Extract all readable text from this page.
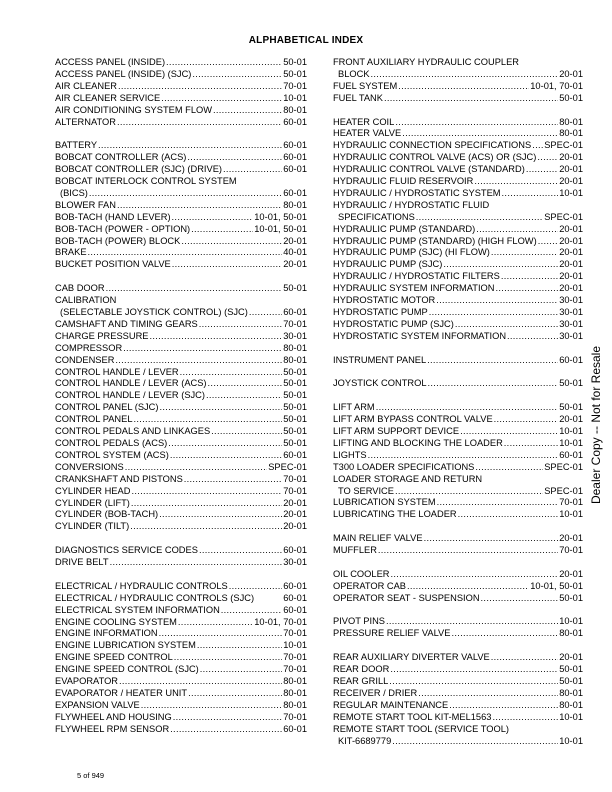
ALPHABETICAL INDEX
ACCESS PANEL (INSIDE) .....	50-01
ACCESS PANEL (INSIDE) (SJC) .....	50-01
AIR CLEANER .....	70-01
AIR CLEANER SERVICE .....	10-01
AIR CONDITIONING SYSTEM FLOW .....	80-01
ALTERNATOR .....	60-01
BATTERY .....	60-01
BOBCAT CONTROLLER (ACS) .....	60-01
BOBCAT CONTROLLER (SJC) (DRIVE) .....	60-01
BOBCAT INTERLOCK CONTROL SYSTEM
(BICS) .....	60-01
BLOWER FAN .....	80-01
BOB-TACH (HAND LEVER) .....	10-01, 50-01
BOB-TACH (POWER - OPTION) .....	10-01, 50-01
BOB-TACH (POWER) BLOCK .....	20-01
BRAKE .....	40-01
BUCKET POSITION VALVE .....	20-01
CAB DOOR .....	50-01
CALIBRATION
(SELECTABLE JOYSTICK CONTROL) (SJC) .....	60-01
CAMSHAFT AND TIMING GEARS .....	70-01
CHARGE PRESSURE .....	30-01
COMPRESSOR .....	80-01
CONDENSER .....	80-01
CONTROL HANDLE / LEVER .....	50-01
CONTROL HANDLE / LEVER (ACS) .....	50-01
CONTROL HANDLE / LEVER (SJC) .....	50-01
CONTROL PANEL (SJC) .....	50-01
CONTROL PANEL .....	50-01
CONTROL PEDALS AND LINKAGES .....	50-01
CONTROL PEDALS (ACS) .....	50-01
CONTROL SYSTEM (ACS) .....	60-01
CONVERSIONS .....	SPEC-01
CRANKSHAFT AND PISTONS .....	70-01
CYLINDER HEAD .....	70-01
CYLINDER (LIFT) .....	20-01
CYLINDER (BOB-TACH) .....	20-01
CYLINDER (TILT) .....	20-01
DIAGNOSTICS SERVICE CODES .....	60-01
DRIVE BELT .....	30-01
ELECTRICAL / HYDRAULIC CONTROLS .....	60-01
ELECTRICAL / HYDRAULIC CONTROLS (SJC)	60-01
ELECTRICAL SYSTEM INFORMATION .....	60-01
ENGINE COOLING SYSTEM .....	10-01, 70-01
ENGINE INFORMATION .....	70-01
ENGINE LUBRICATION SYSTEM .....	10-01
ENGINE SPEED CONTROL .....	70-01
ENGINE SPEED CONTROL (SJC) .....	70-01
EVAPORATOR .....	80-01
EVAPORATOR / HEATER UNIT .....	80-01
EXPANSION VALVE .....	80-01
FLYWHEEL AND HOUSING .....	70-01
FLYWHEEL RPM SENSOR .....	60-01
FRONT AUXILIARY HYDRAULIC COUPLER
BLOCK .....	20-01
FUEL SYSTEM .....	10-01, 70-01
FUEL TANK .....	50-01
HEATER COIL .....	80-01
HEATER VALVE .....	80-01
HYDRAULIC CONNECTION SPECIFICATIONS ..... SPEC-01
HYDRAULIC CONTROL VALVE (ACS) OR (SJC) ..... 20-01
HYDRAULIC CONTROL VALVE (STANDARD) .....	20-01
HYDRAULIC FLUID RESERVOIR .....	20-01
HYDRAULIC / HYDROSTATIC SYSTEM .....	10-01
HYDRAULIC / HYDROSTATIC FLUID
SPECIFICATIONS .....	SPEC-01
HYDRAULIC PUMP (STANDARD) .....	20-01
HYDRAULIC PUMP (STANDARD) (HIGH FLOW) ..... 20-01
HYDRAULIC PUMP (SJC) (HI FLOW) .....	20-01
HYDRAULIC PUMP (SJC) .....	20-01
HYDRAULIC / HYDROSTATIC FILTERS .....	20-01
HYDRAULIC SYSTEM INFORMATION .....	20-01
HYDROSTATIC MOTOR .....	30-01
HYDROSTATIC PUMP .....	30-01
HYDROSTATIC PUMP (SJC) .....	30-01
HYDROSTATIC SYSTEM INFORMATION .....	30-01
INSTRUMENT PANEL .....	60-01
JOYSTICK CONTROL .....	50-01
LIFT ARM .....	50-01
LIFT ARM BYPASS CONTROL VALVE .....	20-01
LIFT ARM SUPPORT DEVICE .....	10-01
LIFTING AND BLOCKING THE LOADER .....	10-01
LIGHTS .....	60-01
T300 LOADER SPECIFICATIONS .....	SPEC-01
LOADER STORAGE AND RETURN
TO SERVICE .....	SPEC-01
LUBRICATION SYSTEM .....	70-01
LUBRICATING THE LOADER .....	10-01
MAIN RELIEF VALVE .....	20-01
MUFFLER .....	70-01
OIL COOLER .....	20-01
OPERATOR CAB .....	10-01, 50-01
OPERATOR SEAT - SUSPENSION .....	50-01
PIVOT PINS .....	10-01
PRESSURE RELIEF VALVE .....	80-01
REAR AUXILIARY DIVERTER VALVE .....	20-01
REAR DOOR .....	50-01
REAR GRILL .....	50-01
RECEIVER / DRIER .....	80-01
REGULAR MAINTENANCE .....	80-01
REMOTE START TOOL KIT-MEL1563 .....	10-01
REMOTE START TOOL (SERVICE TOOL)
KIT-6689779 .....	10-01
Dealer Copy -- Not for Resale
5 of 949
